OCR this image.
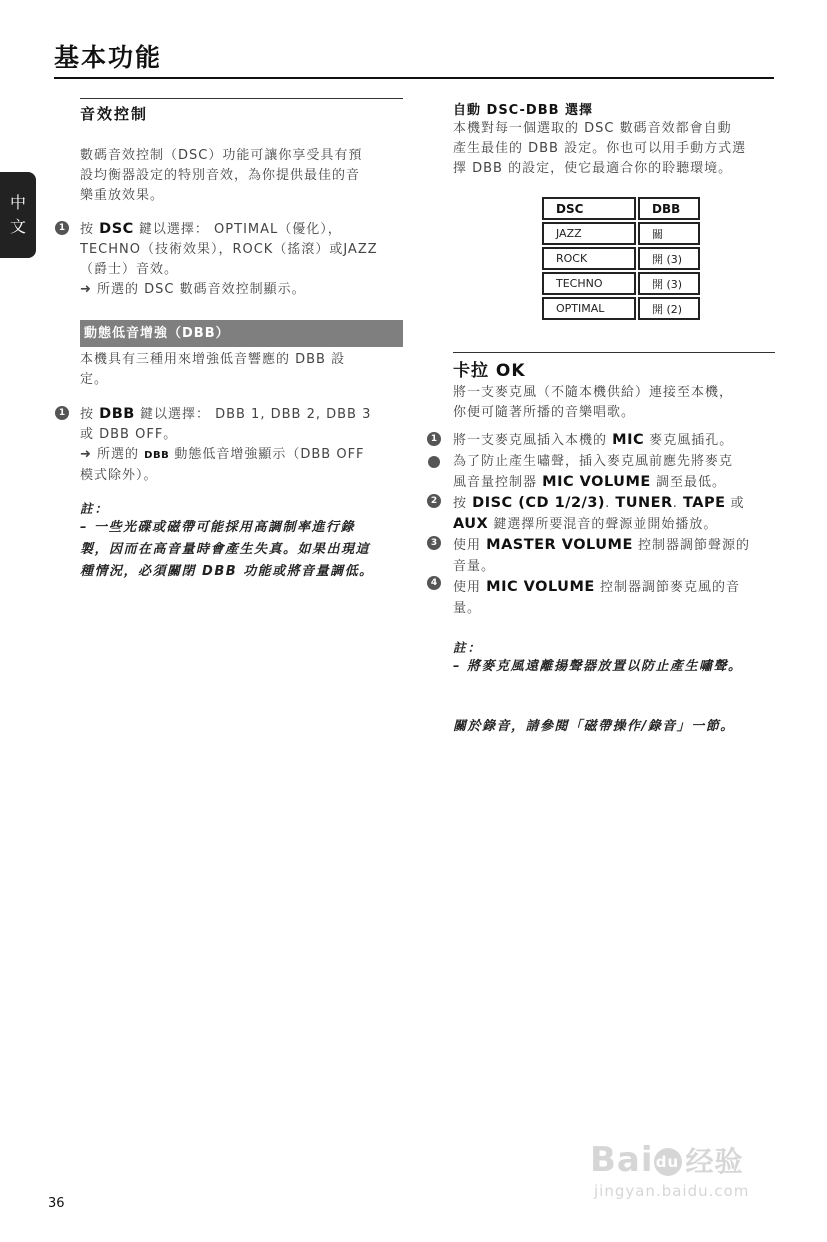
基本功能
中
文
音效控制
數碼音效控制（DSC）功能可讓你享受具有預
設均衡器設定的特別音效，為你提供最佳的音
樂重放效果。
1 按 DSC 鍵以選擇： OPTIMAL（優化），
TECHNO（技術效果），ROCK（搖滾）或JAZZ
（爵士）音效。
➜ 所選的 DSC 數碼音效控制顯示。
動態低音增強（DBB）
本機具有三種用來增強低音響應的 DBB 設
定。
1 按 DBB 鍵以選擇： DBB 1, DBB 2, DBB 3
或 DBB OFF。
➜ 所選的 DBB 動態低音增強顯示（DBB OFF
模式除外）。
註：
– 一些光碟或磁帶可能採用高調制率進行錄
製，因而在高音量時會產生失真。如果出現這
種情況，必須關閉 DBB 功能或將音量調低。
自動 DSC-DBB 選擇
本機對每一個選取的 DSC 數碼音效都會自動
產生最佳的 DBB 設定。你也可以用手動方式選
擇 DBB 的設定，使它最適合你的聆聽環境。
DSC	DBB
JAZZ	關
ROCK	開 (3)
TECHNO	開 (3)
OPTIMAL	開 (2)
卡拉 OK
將一支麥克風（不隨本機供給）連接至本機，
你便可隨著所播的音樂唱歌。
1
2
3
4
將一支麥克風插入本機的 MIC 麥克風插孔。
為了防止產生嘯聲，插入麥克風前應先將麥克
風音量控制器 MIC VOLUME 調至最低。
按 DISC (CD 1/2/3). TUNER. TAPE 或
AUX 鍵選擇所要混音的聲源並開始播放。
使用 MASTER VOLUME 控制器調節聲源的
音量。
使用 MIC VOLUME 控制器調節麥克風的音
量。
註：
– 將麥克風遠離揚聲器放置以防止產生嘯聲。
關於錄音，請參閱「磁帶操作/錄音」一節。
36
Bai du 经验
jingyan.baidu.com
